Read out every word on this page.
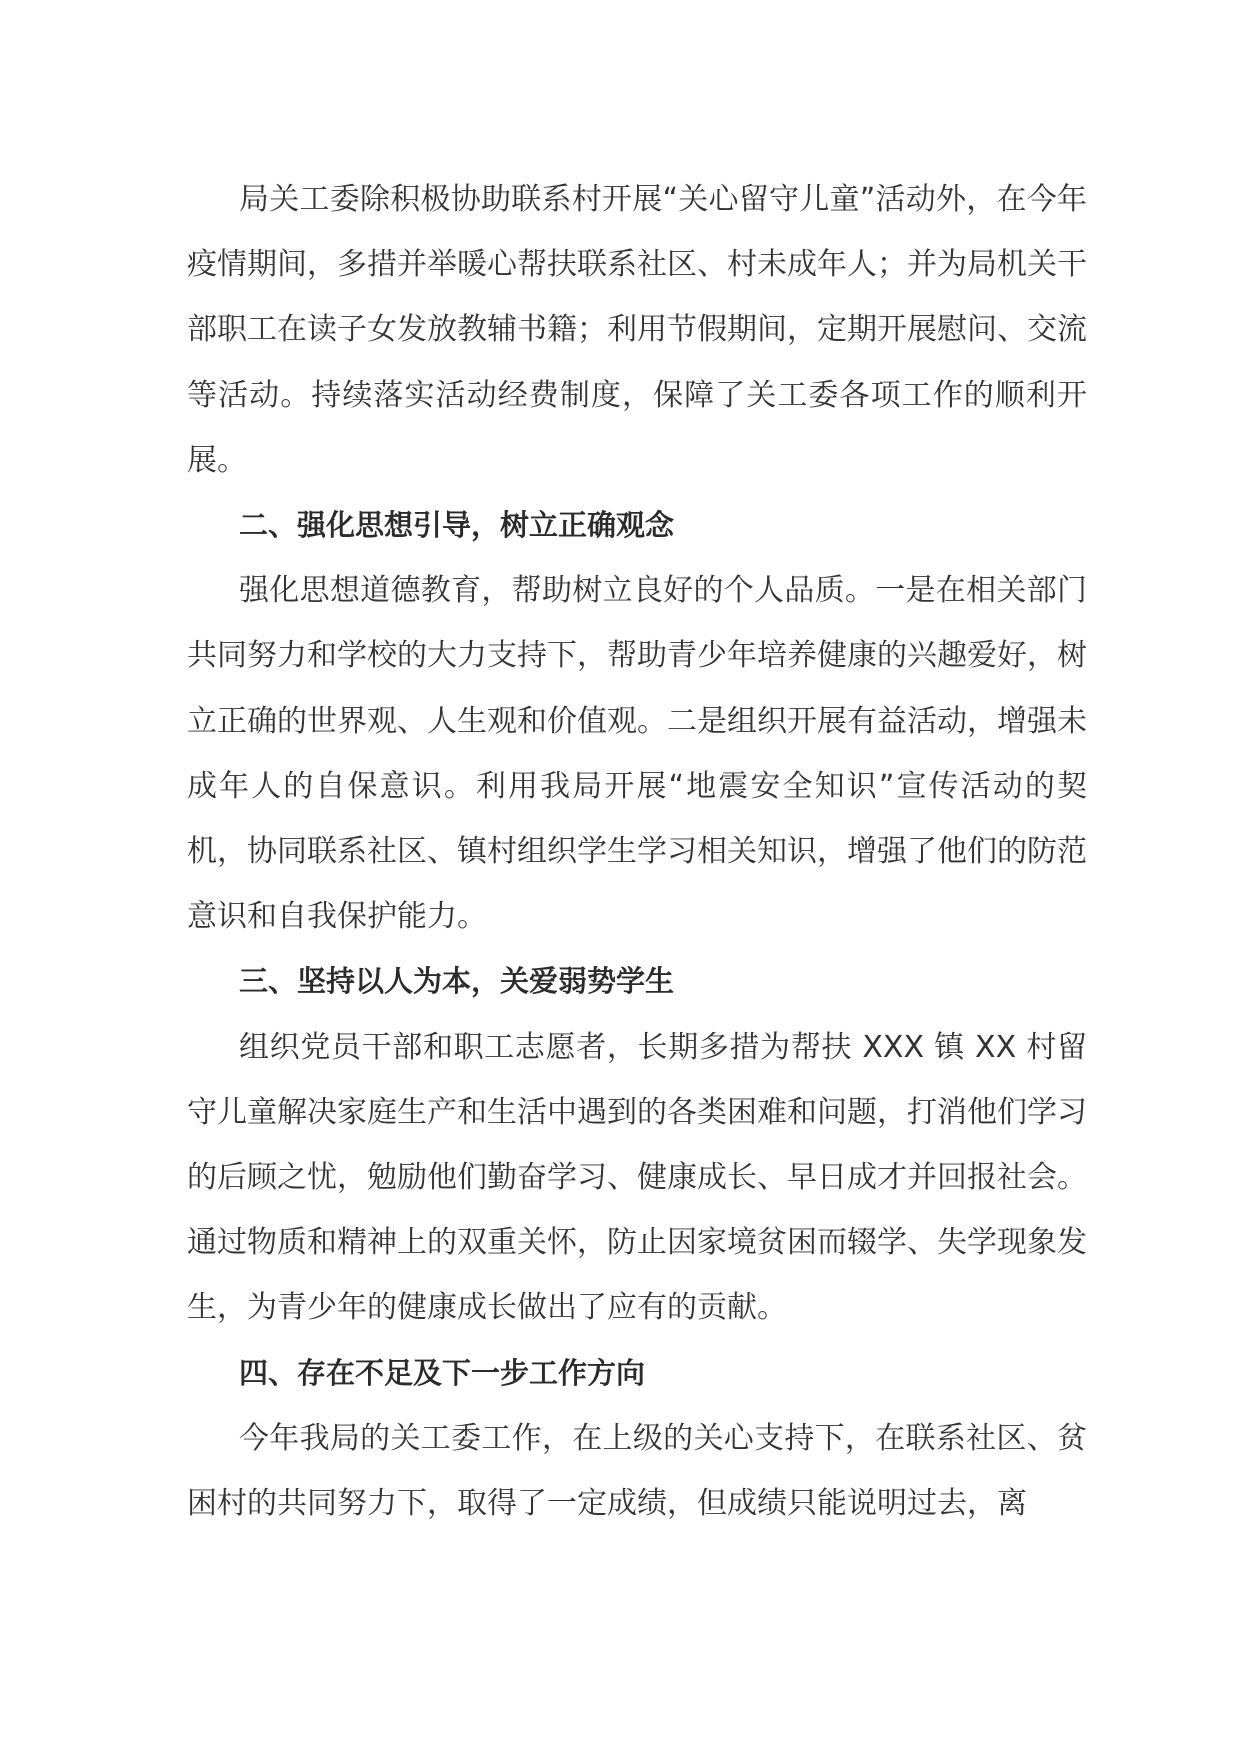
局关工委除积极协助联系村开展“关心留守儿童”活动外，在今年疫情期间，多措并举暖心帮扶联系社区、村未成年人；并为局机关干部职工在读子女发放教辅书籍；利用节假期间，定期开展慰问、交流等活动。持续落实活动经费制度，保障了关工委各项工作的顺利开展。

二、强化思想引导，树立正确观念

强化思想道德教育，帮助树立良好的个人品质。一是在相关部门共同努力和学校的大力支持下，帮助青少年培养健康的兴趣爱好，树立正确的世界观、人生观和价值观。二是组织开展有益活动，增强未成年人的自保意识。利用我局开展“地震安全知识”宣传活动的契机，协同联系社区、镇村组织学生学习相关知识，增强了他们的防范意识和自我保护能力。

三、坚持以人为本，关爱弱势学生

组织党员干部和职工志愿者，长期多措为帮扶 XXX 镇 XX 村留守儿童解决家庭生产和生活中遇到的各类困难和问题，打消他们学习的后顾之忧，勉励他们勤奋学习、健康成长、早日成才并回报社会。通过物质和精神上的双重关怀，防止因家境贫困而辍学、失学现象发生，为青少年的健康成长做出了应有的贡献。

四、存在不足及下一步工作方向

今年我局的关工委工作，在上级的关心支持下，在联系社区、贫困村的共同努力下，取得了一定成绩，但成绩只能说明过去，离
